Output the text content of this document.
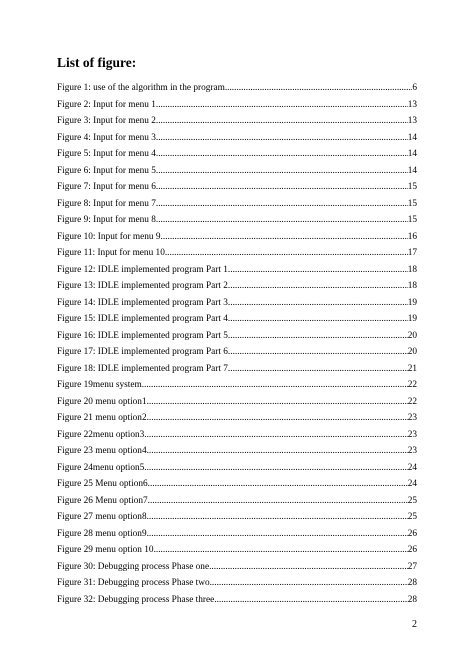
List of figure:
Figure 1: use of the algorithm in the program .....	6
Figure 2: Input for menu 1 .....	13
Figure 3: Input for menu 2 .....	13
Figure 4: Input for menu 3 .....	14
Figure 5: Input for menu 4 .....	14
Figure 6: Input for menu 5 .....	14
Figure 7: Input for menu 6 .....	15
Figure 8: Input for menu 7 .....	15
Figure 9: Input for menu 8 .....	15
Figure 10: Input for menu 9 .....	16
Figure 11: Input for menu 10 .....	17
Figure 12: IDLE implemented program Part 1 .....	18
Figure 13: IDLE implemented program Part 2 .....	18
Figure 14: IDLE implemented program Part 3 .....	19
Figure 15: IDLE implemented program Part 4 .....	19
Figure 16: IDLE implemented program Part 5 .....	20
Figure 17: IDLE implemented program Part 6 .....	20
Figure 18: IDLE implemented program Part 7 .....	21
Figure 19menu system .....	22
Figure 20 menu option1 .....	22
Figure 21 menu option2 .....	23
Figure 22menu option3 .....	23
Figure 23 menu option4 .....	23
Figure 24menu option5 .....	24
Figure 25 Menu option6 .....	24
Figure 26 Menu option7 .....	25
Figure 27 menu option8 .....	25
Figure 28 menu option9 .....	26
Figure 29 menu option 10 .....	26
Figure 30: Debugging process Phase one .....	27
Figure 31: Debugging process Phase two .....	28
Figure 32: Debugging process Phase three .....	28
2
